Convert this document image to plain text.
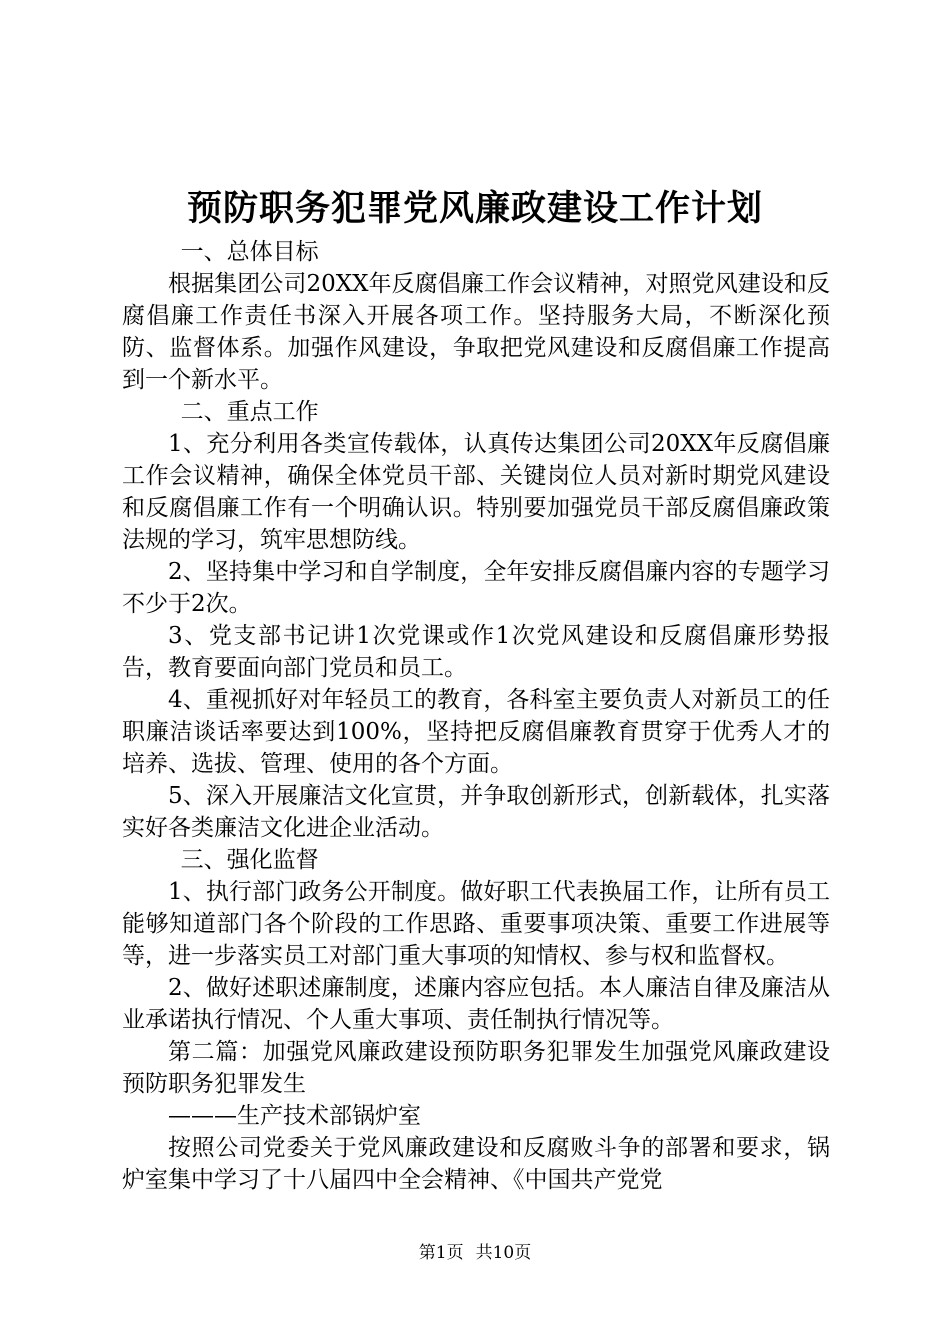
预防职务犯罪党风廉政建设工作计划

一、总体目标

根据集团公司20XX年反腐倡廉工作会议精神，对照党风建设和反腐倡廉工作责任书深入开展各项工作。坚持服务大局，不断深化预防、监督体系。加强作风建设，争取把党风建设和反腐倡廉工作提高到一个新水平。

二、重点工作

1、充分利用各类宣传载体，认真传达集团公司20XX年反腐倡廉工作会议精神，确保全体党员干部、关键岗位人员对新时期党风建设和反腐倡廉工作有一个明确认识。特别要加强党员干部反腐倡廉政策法规的学习，筑牢思想防线。

2、坚持集中学习和自学制度，全年安排反腐倡廉内容的专题学习不少于2次。

3、党支部书记讲1次党课或作1次党风建设和反腐倡廉形势报告，教育要面向部门党员和员工。

4、重视抓好对年轻员工的教育，各科室主要负责人对新员工的任职廉洁谈话率要达到100%，坚持把反腐倡廉教育贯穿于优秀人才的培养、选拔、管理、使用的各个方面。

5、深入开展廉洁文化宣贯，并争取创新形式，创新载体，扎实落实好各类廉洁文化进企业活动。

三、强化监督

1、执行部门政务公开制度。做好职工代表换届工作，让所有员工能够知道部门各个阶段的工作思路、重要事项决策、重要工作进展等等，进一步落实员工对部门重大事项的知情权、参与权和监督权。

2、做好述职述廉制度，述廉内容应包括。本人廉洁自律及廉洁从业承诺执行情况、个人重大事项、责任制执行情况等。

第二篇：加强党风廉政建设预防职务犯罪发生加强党风廉政建设预防职务犯罪发生

———生产技术部锅炉室

按照公司党委关于党风廉政建设和反腐败斗争的部署和要求，锅炉室集中学习了十八届四中全会精神、《中国共产党党

第1页 共10页
